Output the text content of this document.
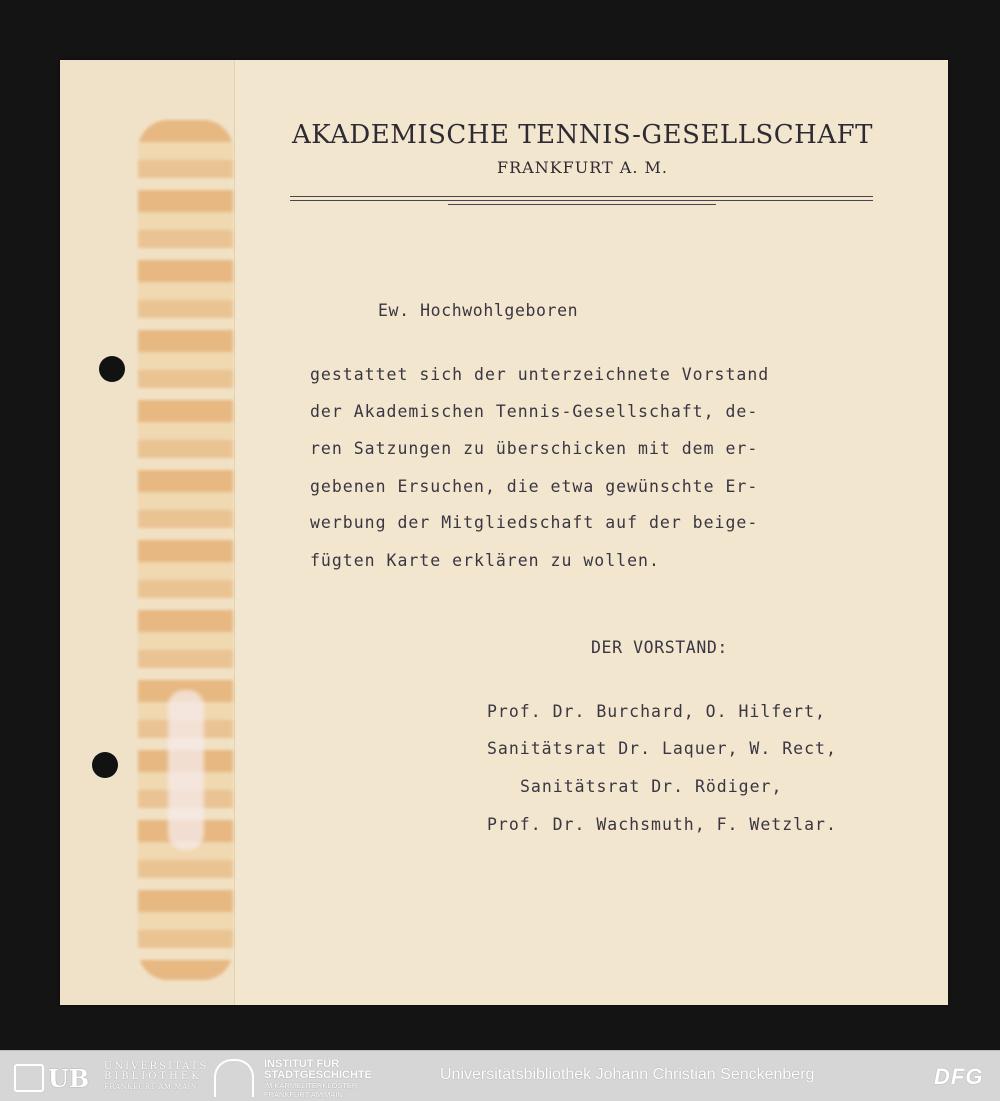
AKADEMISCHE TENNIS-GESELLSCHAFT
FRANKFURT A. M.
Ew. Hochwohlgeboren
gestattet sich der unterzeichnete Vorstand
der Akademischen Tennis-Gesellschaft, de-
ren Satzungen zu überschicken mit dem er-
gebenen Ersuchen, die etwa gewünschte Er-
werbung der Mitgliedschaft auf der beige-
fügten Karte erklären zu wollen.
DER VORSTAND:
Prof. Dr. Burchard, O. Hilfert,
Sanitätsrat Dr. Laquer, W. Rect,
Sanitätsrat Dr. Rödiger,
Prof. Dr. Wachsmuth, F. Wetzlar.
UB	UNIVERSITÄTS
BIBLIOTHEK
FRANKFURT AM MAIN
INSTITUT FÜR
STADTGESCHICHTE
IM KARMELITERKLOSTER
FRANKFURT AM MAIN
Universitätsbibliothek Johann Christian Senckenberg	DFG
